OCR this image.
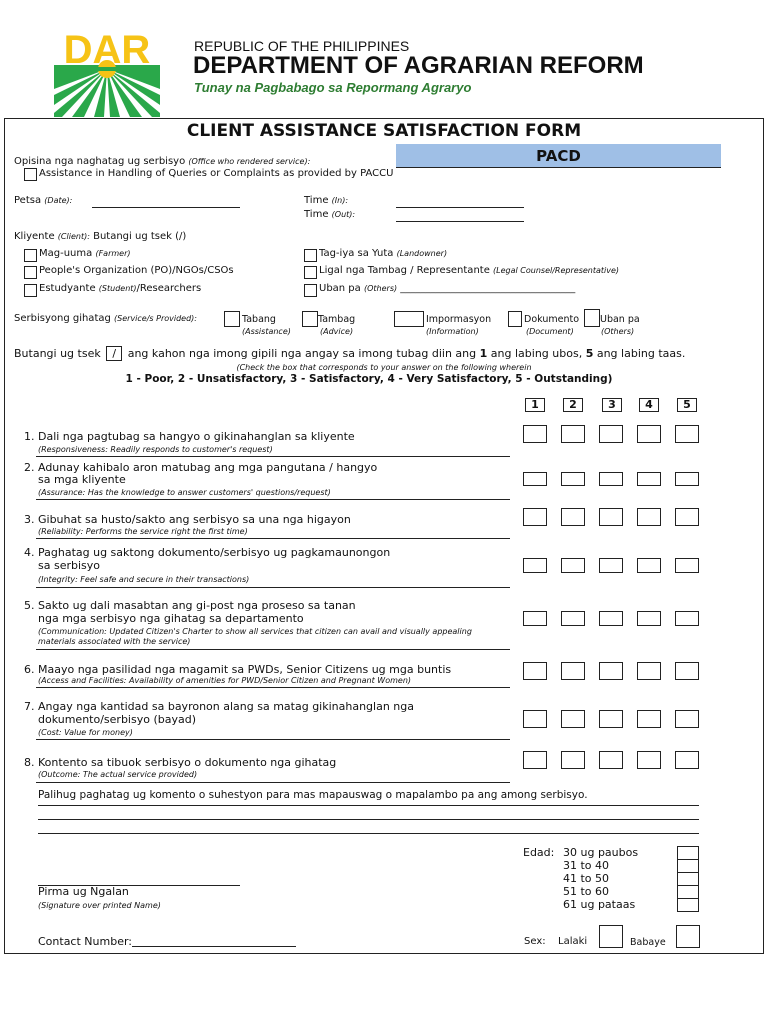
DAR	REPUBLIC OF THE PHILIPPINES
DEPARTMENT OF AGRARIAN REFORM
Tunay na Pagbabago sa Repormang Agraryo
CLIENT ASSISTANCE SATISFACTION FORM
PACD
Opisina nga naghatag ug serbisyo (Office who rendered service):
Assistance in Handling of Queries or Complaints as provided by PACCU
Petsa (Date):	Time (In):
Time (Out):
Kliyente (Client): Butangi ug tsek (/)
Mag-uuma (Farmer)
People's Organization (PO)/NGOs/CSOs
Estudyante (Student)/Researchers
Tag-iya sa Yuta (Landowner)
Ligal nga Tambag / Representante (Legal Counsel/Representative)
Uban pa (Others) ___________________________________
Serbisyong gihatag (Service/s Provided):	Tabang
(Assistance)
Tambag
(Advice)
Impormasyon
(Information)
Dokumento
(Document)
Uban pa
(Others)
Butangi ug tsek / ang kahon nga imong gipili nga angay sa imong tubag diin ang 1 ang labing ubos, 5 ang labing taas.
(Check the box that corresponds to your answer on the following wherein
1 - Poor, 2 - Unsatisfactory, 3 - Satisfactory, 4 - Very Satisfactory, 5 - Outstanding)
1	2	3	4	5
1. Dali nga pagtubag sa hangyo o gikinahanglan sa kliyente
(Responsiveness: Readily responds to customer's request)
2. Adunay kahibalo aron matubag ang mga pangutana / hangyo
sa mga kliyente
(Assurance: Has the knowledge to answer customers' questions/request)
3. Gibuhat sa husto/sakto ang serbisyo sa una nga higayon
(Reliability: Performs the service right the first time)
4. Paghatag ug saktong dokumento/serbisyo ug pagkamaunongon
sa serbisyo
(Integrity: Feel safe and secure in their transactions)
5. Sakto ug dali masabtan ang gi-post nga proseso sa tanan
nga mga serbisyo nga gihatag sa departamento
(Communication: Updated Citizen's Charter to show all services that citizen can avail and visually appealing
materials associated with the service)
6. Maayo nga pasilidad nga magamit sa PWDs, Senior Citizens ug mga buntis
(Access and Facilities: Availability of amenities for PWD/Senior Citizen and Pregnant Women)
7. Angay nga kantidad sa bayronon alang sa matag gikinahanglan nga
dokumento/serbisyo (bayad)
(Cost: Value for money)
8. Kontento sa tibuok serbisyo o dokumento nga gihatag
(Outcome: The actual service provided)
Palihug paghatag ug komento o suhestyon para mas mapauswag o mapalambo pa ang among serbisyo.
Edad: 30 ug paubos
31 to 40
41 to 50
51 to 60
61 ug pataas
Pirma ug Ngalan
(Signature over printed Name)
Contact Number:	Sex: Lalaki	Babaye
